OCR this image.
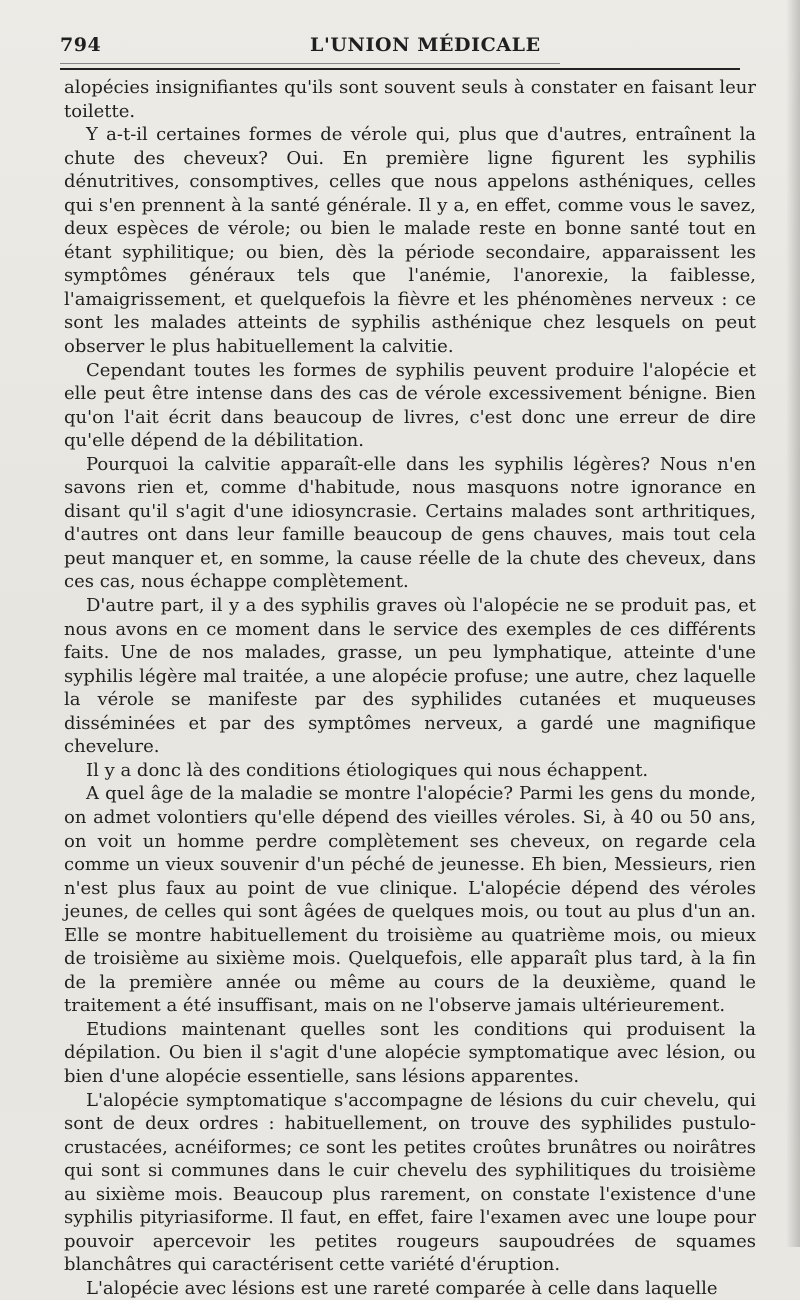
794	L'UNION MÉDICALE

alopécies insignifiantes qu'ils sont souvent seuls à constater en faisant leur toilette.

Y a-t-il certaines formes de vérole qui, plus que d'autres, entraînent la chute des cheveux? Oui. En première ligne figurent les syphilis dénutritives, consomptives, celles que nous appelons asthéniques, celles qui s'en prennent à la santé générale. Il y a, en effet, comme vous le savez, deux espèces de vérole; ou bien le malade reste en bonne santé tout en étant syphilitique; ou bien, dès la période secondaire, apparaissent les symptômes généraux tels que l'anémie, l'anorexie, la faiblesse, l'amaigrissement, et quelquefois la fièvre et les phénomènes nerveux : ce sont les malades atteints de syphilis asthénique chez lesquels on peut observer le plus habituellement la calvitie.

Cependant toutes les formes de syphilis peuvent produire l'alopécie et elle peut être intense dans des cas de vérole excessivement bénigne. Bien qu'on l'ait écrit dans beaucoup de livres, c'est donc une erreur de dire qu'elle dépend de la débilitation.

Pourquoi la calvitie apparaît-elle dans les syphilis légères? Nous n'en savons rien et, comme d'habitude, nous masquons notre ignorance en disant qu'il s'agit d'une idiosyncrasie. Certains malades sont arthritiques, d'autres ont dans leur famille beaucoup de gens chauves, mais tout cela peut manquer et, en somme, la cause réelle de la chute des cheveux, dans ces cas, nous échappe complètement.

D'autre part, il y a des syphilis graves où l'alopécie ne se produit pas, et nous avons en ce moment dans le service des exemples de ces différents faits. Une de nos malades, grasse, un peu lymphatique, atteinte d'une syphilis légère mal traitée, a une alopécie profuse; une autre, chez laquelle la vérole se manifeste par des syphilides cutanées et muqueuses disséminées et par des symptômes nerveux, a gardé une magnifique chevelure.

Il y a donc là des conditions étiologiques qui nous échappent.

A quel âge de la maladie se montre l'alopécie? Parmi les gens du monde, on admet volontiers qu'elle dépend des vieilles véroles. Si, à 40 ou 50 ans, on voit un homme perdre complètement ses cheveux, on regarde cela comme un vieux souvenir d'un péché de jeunesse. Eh bien, Messieurs, rien n'est plus faux au point de vue clinique. L'alopécie dépend des véroles jeunes, de celles qui sont âgées de quelques mois, ou tout au plus d'un an. Elle se montre habituellement du troisième au quatrième mois, ou mieux de troisième au sixième mois. Quelquefois, elle apparaît plus tard, à la fin de la première année ou même au cours de la deuxième, quand le traitement a été insuffisant, mais on ne l'observe jamais ultérieurement.

Etudions maintenant quelles sont les conditions qui produisent la dépilation. Ou bien il s'agit d'une alopécie symptomatique avec lésion, ou bien d'une alopécie essentielle, sans lésions apparentes.

L'alopécie symptomatique s'accompagne de lésions du cuir chevelu, qui sont de deux ordres : habituellement, on trouve des syphilides pustulo-crustacées, acnéiformes; ce sont les petites croûtes brunâtres ou noirâtres qui sont si communes dans le cuir chevelu des syphilitiques du troisième au sixième mois. Beaucoup plus rarement, on constate l'existence d'une syphilis pityriasiforme. Il faut, en effet, faire l'examen avec une loupe pour pouvoir apercevoir les petites rougeurs saupoudrées de squames blanchâtres qui caractérisent cette variété d'éruption.

L'alopécie avec lésions est une rareté comparée à celle dans laquelle
